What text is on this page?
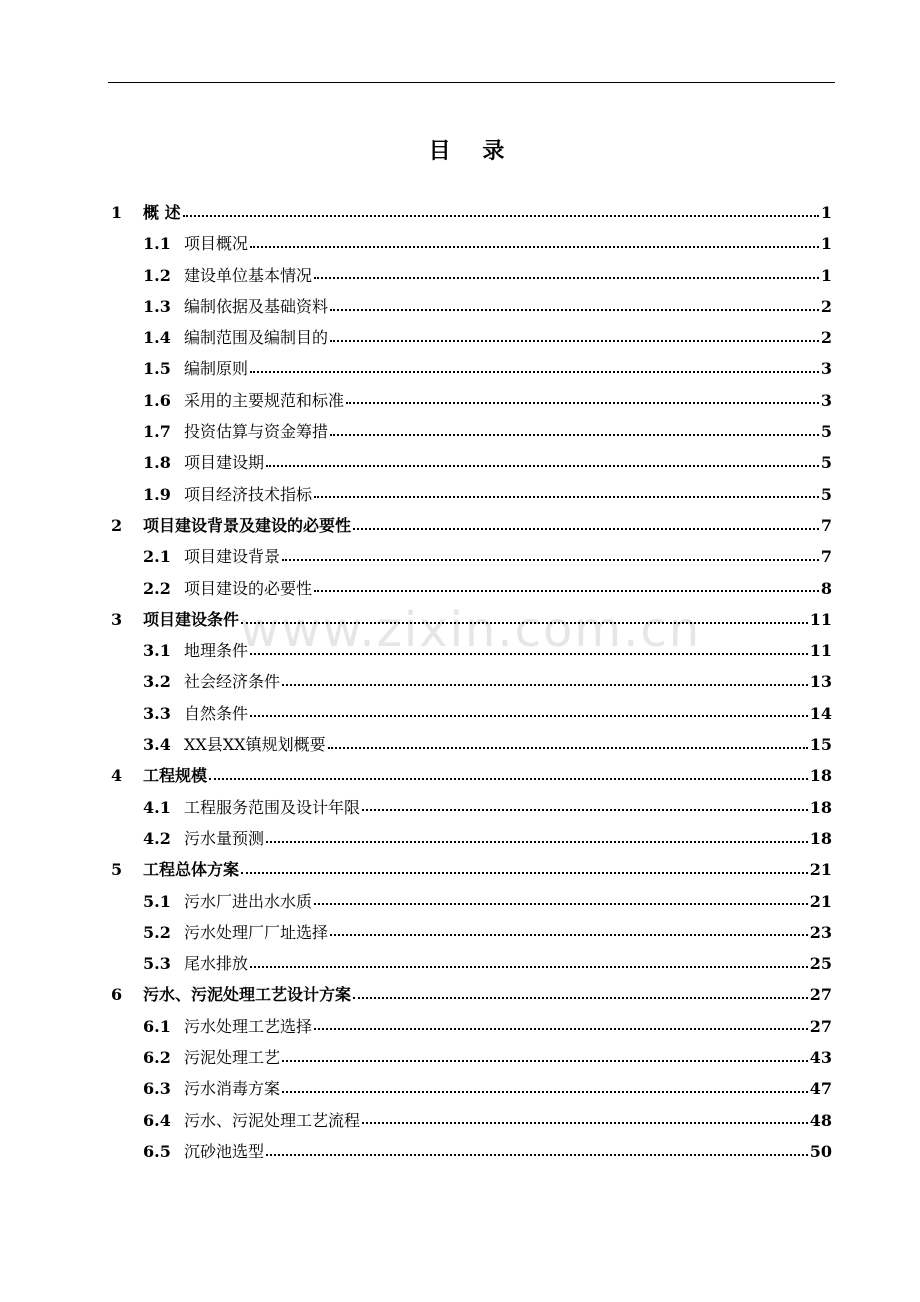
目 录
www.zixin.com.cn
1 概 述	1
1.1 项目概况	1
1.2 建设单位基本情况	1
1.3 编制依据及基础资料	2
1.4 编制范围及编制目的	2
1.5 编制原则	3
1.6 采用的主要规范和标准	3
1.7 投资估算与资金筹措	5
1.8 项目建设期	5
1.9 项目经济技术指标	5
2 项目建设背景及建设的必要性	7
2.1 项目建设背景	7
2.2 项目建设的必要性	8
3 项目建设条件	11
3.1 地理条件	11
3.2 社会经济条件	13
3.3 自然条件	14
3.4 XX县XX镇规划概要	15
4 工程规模	18
4.1 工程服务范围及设计年限	18
4.2 污水量预测	18
5 工程总体方案	21
5.1 污水厂进出水水质	21
5.2 污水处理厂厂址选择	23
5.3 尾水排放	25
6 污水、污泥处理工艺设计方案	27
6.1 污水处理工艺选择	27
6.2 污泥处理工艺	43
6.3 污水消毒方案	47
6.4 污水、污泥处理工艺流程	48
6.5 沉砂池选型	50
